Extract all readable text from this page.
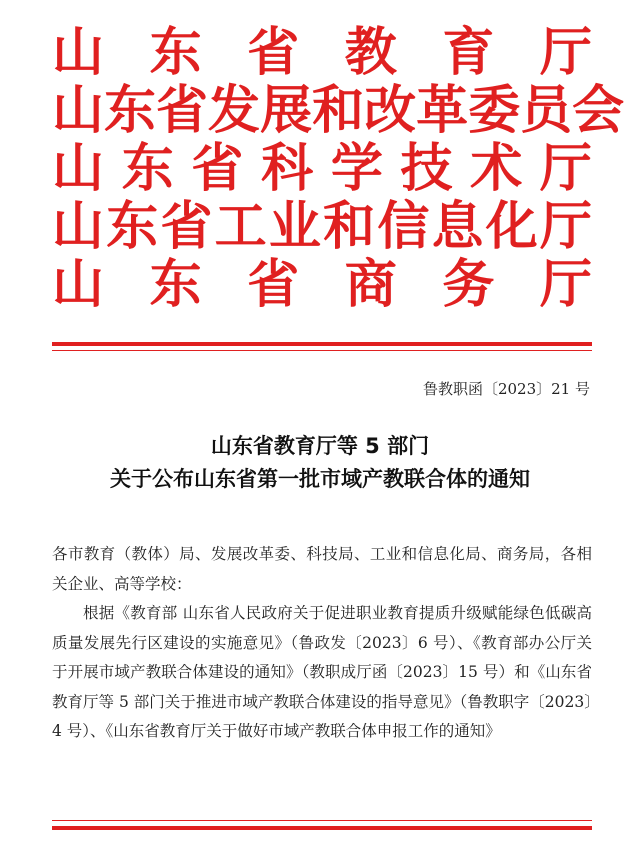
山 东 省 教 育 厅
山 东 省 发 展 和 改 革 委 员 会
山 东 省 科 学 技 术 厅
山 东 省 工 业 和 信 息 化 厅
山 东 省 商 务 厅
鲁教职函〔2023〕21 号
山东省教育厅等 5 部门
关于公布山东省第一批市域产教联合体的通知

各市教育（教体）局、发展改革委、科技局、工业和信息化局、商务局，各相关企业、高等学校：

根据《教育部 山东省人民政府关于促进职业教育提质升级赋能绿色低碳高质量发展先行区建设的实施意见》（鲁政发〔2023〕6 号）、《教育部办公厅关于开展市域产教联合体建设的通知》（教职成厅函〔2023〕15 号）和《山东省教育厅等 5 部门关于推进市域产教联合体建设的指导意见》（鲁教职字〔2023〕4 号）、《山东省教育厅关于做好市域产教联合体申报工作的通知》
